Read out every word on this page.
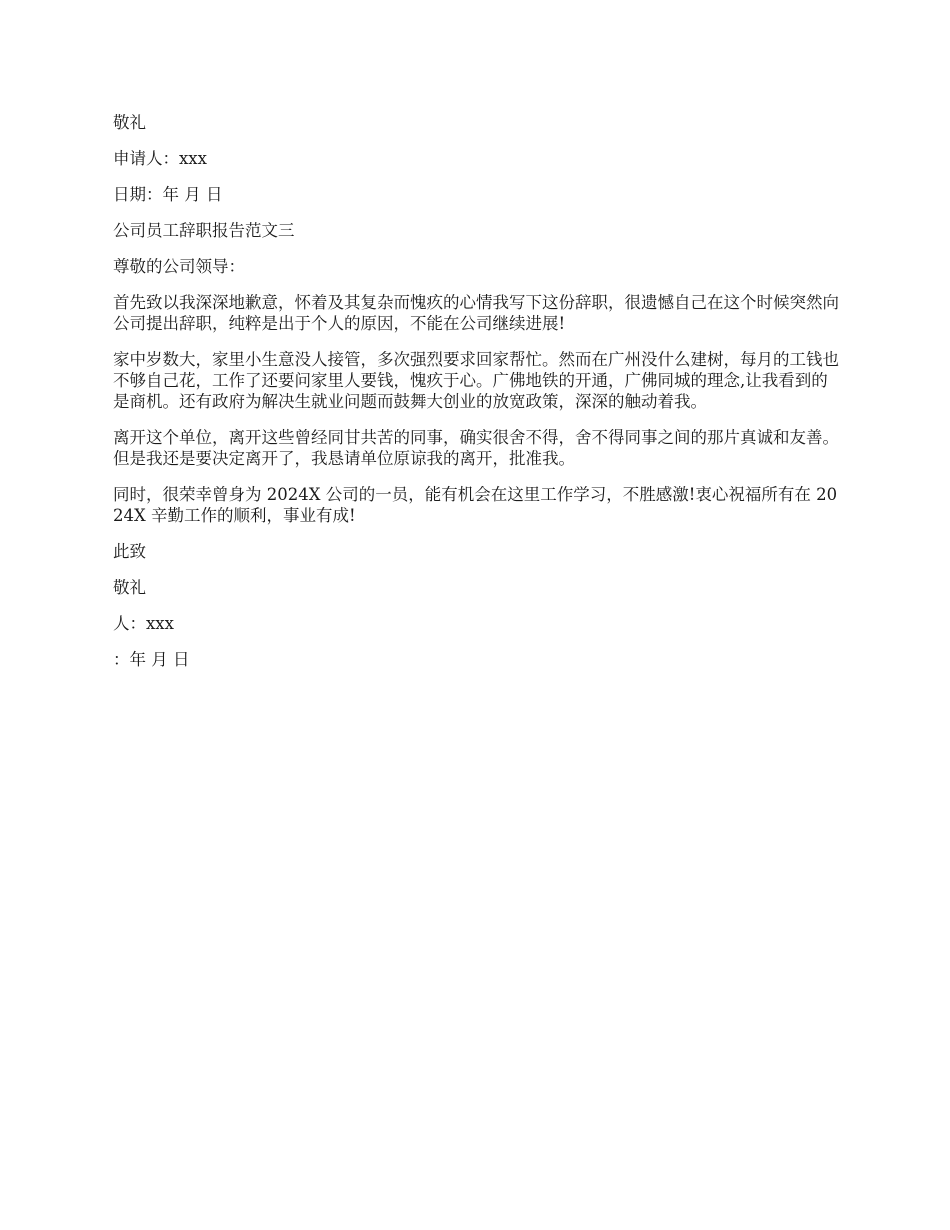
敬礼

申请人：xxx

日期：年 月 日

公司员工辞职报告范文三

尊敬的公司领导：

首先致以我深深地歉意，怀着及其复杂而愧疚的心情我写下这份辞职，很遗憾自己在这个时候突然向公司提出辞职，纯粹是出于个人的原因，不能在公司继续进展!

家中岁数大，家里小生意没人接管，多次强烈要求回家帮忙。然而在广州没什么建树，每月的工钱也不够自己花，工作了还要问家里人要钱，愧疚于心。广佛地铁的开通，广佛同城的理念,让我看到的是商机。还有政府为解决生就业问题而鼓舞大创业的放宽政策，深深的触动着我。

离开这个单位，离开这些曾经同甘共苦的同事，确实很舍不得，舍不得同事之间的那片真诚和友善。 但是我还是要决定离开了，我恳请单位原谅我的离开，批准我。

同时，很荣幸曾身为 2024X 公司的一员，能有机会在这里工作学习，不胜感激!衷心祝福所有在 2024X 辛勤工作的顺利，事业有成!

此致

敬礼

人：xxx

：年 月 日
